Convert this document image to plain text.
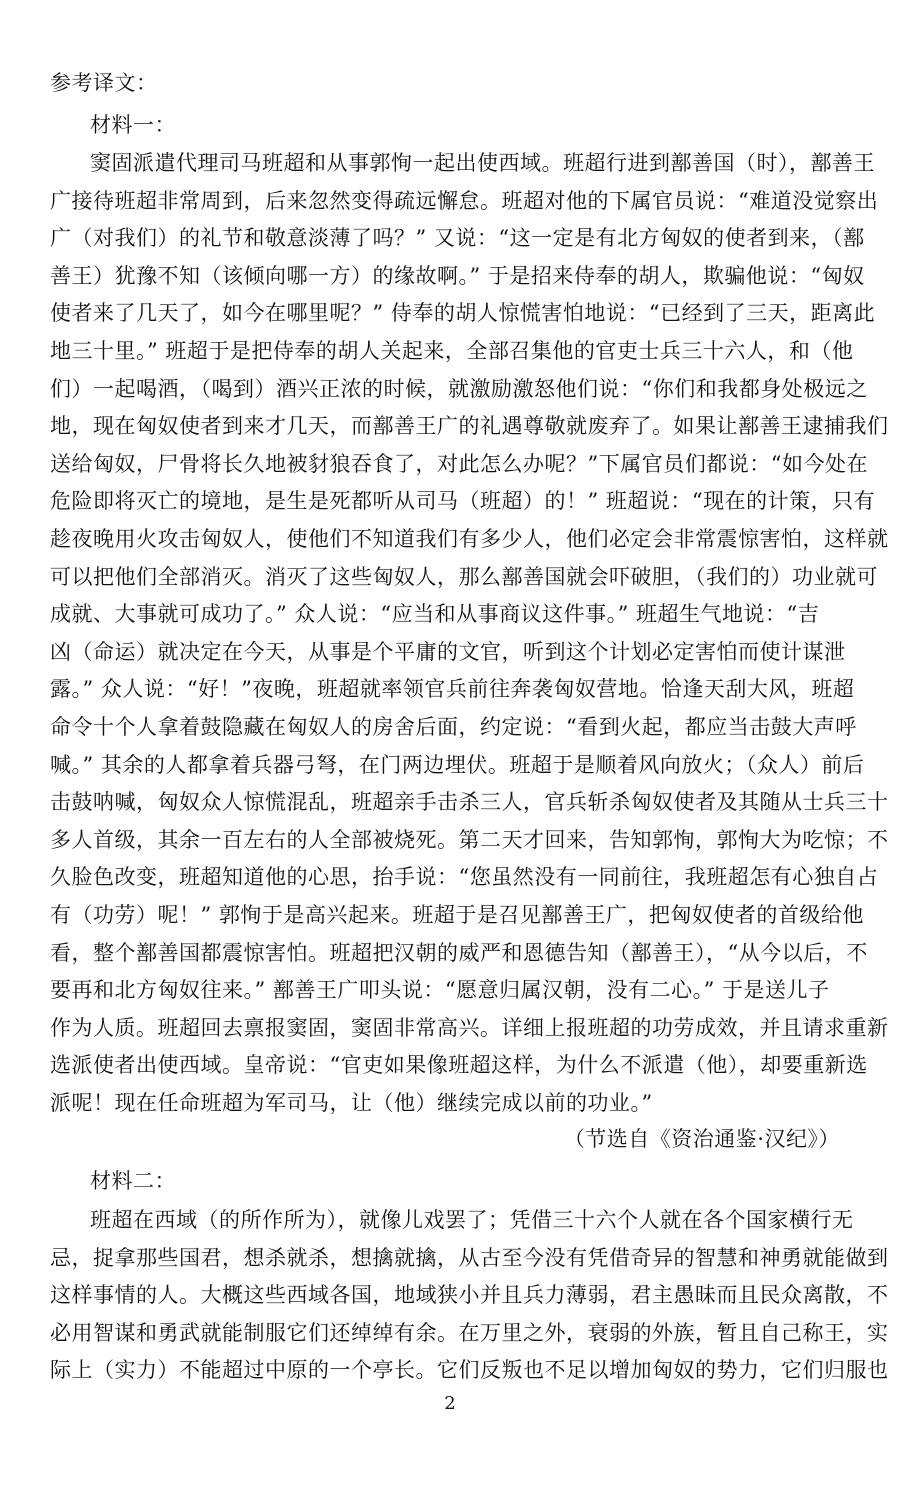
参考译文：
材料一：
窦固派遣代理司马班超和从事郭恂一起出使西域。班超行进到鄯善国（时），鄯善王
广接待班超非常周到，后来忽然变得疏远懈怠。班超对他的下属官员说：“难道没觉察出
广（对我们）的礼节和敬意淡薄了吗？” 又说：“这一定是有北方匈奴的使者到来，（鄯
善王）犹豫不知（该倾向哪一方）的缘故啊。” 于是招来侍奉的胡人，欺骗他说：“匈奴
使者来了几天了，如今在哪里呢？” 侍奉的胡人惊慌害怕地说：“已经到了三天，距离此
地三十里。” 班超于是把侍奉的胡人关起来，全部召集他的官吏士兵三十六人，和（他
们）一起喝酒，（喝到）酒兴正浓的时候，就激励激怒他们说：“你们和我都身处极远之
地，现在匈奴使者到来才几天，而鄯善王广的礼遇尊敬就废弃了。如果让鄯善王逮捕我们
送给匈奴，尸骨将长久地被豺狼吞食了，对此怎么办呢？”下属官员们都说：“如今处在
危险即将灭亡的境地，是生是死都听从司马（班超）的！” 班超说：“现在的计策，只有
趁夜晚用火攻击匈奴人，使他们不知道我们有多少人，他们必定会非常震惊害怕，这样就
可以把他们全部消灭。消灭了这些匈奴人，那么鄯善国就会吓破胆，（我们的）功业就可
成就、大事就可成功了。” 众人说：“应当和从事商议这件事。” 班超生气地说：“吉
凶（命运）就决定在今天，从事是个平庸的文官，听到这个计划必定害怕而使计谋泄
露。” 众人说：“好！”夜晚，班超就率领官兵前往奔袭匈奴营地。恰逢天刮大风，班超
命令十个人拿着鼓隐藏在匈奴人的房舍后面，约定说：“看到火起，都应当击鼓大声呼
喊。” 其余的人都拿着兵器弓弩，在门两边埋伏。班超于是顺着风向放火；（众人）前后
击鼓呐喊，匈奴众人惊慌混乱，班超亲手击杀三人，官兵斩杀匈奴使者及其随从士兵三十
多人首级，其余一百左右的人全部被烧死。第二天才回来，告知郭恂，郭恂大为吃惊；不
久脸色改变，班超知道他的心思，抬手说：“您虽然没有一同前往，我班超怎有心独自占
有（功劳）呢！” 郭恂于是高兴起来。班超于是召见鄯善王广，把匈奴使者的首级给他
看，整个鄯善国都震惊害怕。班超把汉朝的威严和恩德告知（鄯善王），“从今以后，不
要再和北方匈奴往来。” 鄯善王广叩头说：“愿意归属汉朝，没有二心。” 于是送儿子
作为人质。班超回去禀报窦固，窦固非常高兴。详细上报班超的功劳成效，并且请求重新
选派使者出使西域。皇帝说：“官吏如果像班超这样，为什么不派遣（他），却要重新选
派呢！现在任命班超为军司马，让（他）继续完成以前的功业。”
（节选自《资治通鉴·汉纪》）
材料二：
班超在西域（的所作所为），就像儿戏罢了；凭借三十六个人就在各个国家横行无
忌，捉拿那些国君，想杀就杀，想擒就擒，从古至今没有凭借奇异的智慧和神勇就能做到
这样事情的人。大概这些西域各国，地域狭小并且兵力薄弱，君主愚昧而且民众离散，不
必用智谋和勇武就能制服它们还绰绰有余。在万里之外，衰弱的外族，暂且自己称王，实
际上（实力）不能超过中原的一个亭长。它们反叛也不足以增加匈奴的势力，它们归服也
2
